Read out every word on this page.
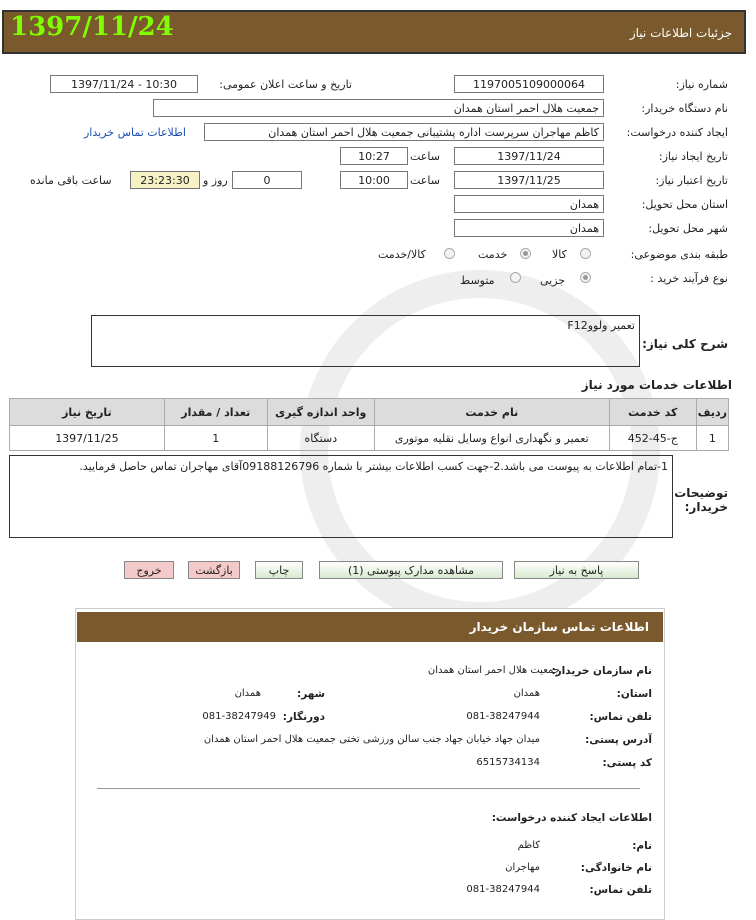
1397/11/24	جزئیات اطلاعات نیاز
شماره نیاز:
1197005109000064
تاریخ و ساعت اعلان عمومی:
1397/11/24 - 10:30
نام دستگاه خریدار:
جمعیت هلال احمر استان همدان
ایجاد کننده درخواست:
کاظم مهاجران سرپرست اداره پشتیبانی جمعیت هلال احمر استان همدان
اطلاعات تماس خریدار
تاریخ ایجاد نیاز:
1397/11/24
ساعت
10:27
تاریخ اعتبار نیاز:
1397/11/25
ساعت
10:00
0
روز و
23:23:30
ساعت باقی مانده
استان محل تحویل:
همدان
شهر محل تحویل:
همدان
طبقه بندی موضوعی:
کالا
خدمت
کالا/خدمت
نوع فرآیند خرید :
جزیی
متوسط
شرح کلی نیاز:
تعمیر ولووF12
اطلاعات خدمات مورد نیاز
ردیف	کد خدمت	نام خدمت	واحد اندازه گیری	تعداد / مقدار	تاریخ نیاز
1	ج-45-452	تعمیر و نگهداری انواع وسایل نقلیه موتوری	دستگاه	1	1397/11/25
توضیحات خریدار:
1-تمام اطلاعات به پیوست می باشد.2-جهت کسب اطلاعات بیشتر با شماره 09188126796آقای مهاجران تماس حاصل فرمایید.
پاسخ به نیاز
مشاهده مدارک پیوستی (1)
چاپ
بازگشت
خروج
اطلاعات تماس سازمان خریدار
نام سازمان خریدار:
جمعیت هلال احمر استان همدان
استان:
همدان
شهر:
همدان
تلفن تماس:
081-38247944
دورنگار:
081-38247949
آدرس پستی:
میدان جهاد خیابان جهاد جنب سالن ورزشی تختی جمعیت هلال احمر استان همدان
کد پستی:
6515734134
اطلاعات ایجاد کننده درخواست:
نام:
کاظم
نام خانوادگی:
مهاجران
تلفن تماس:
081-38247944
